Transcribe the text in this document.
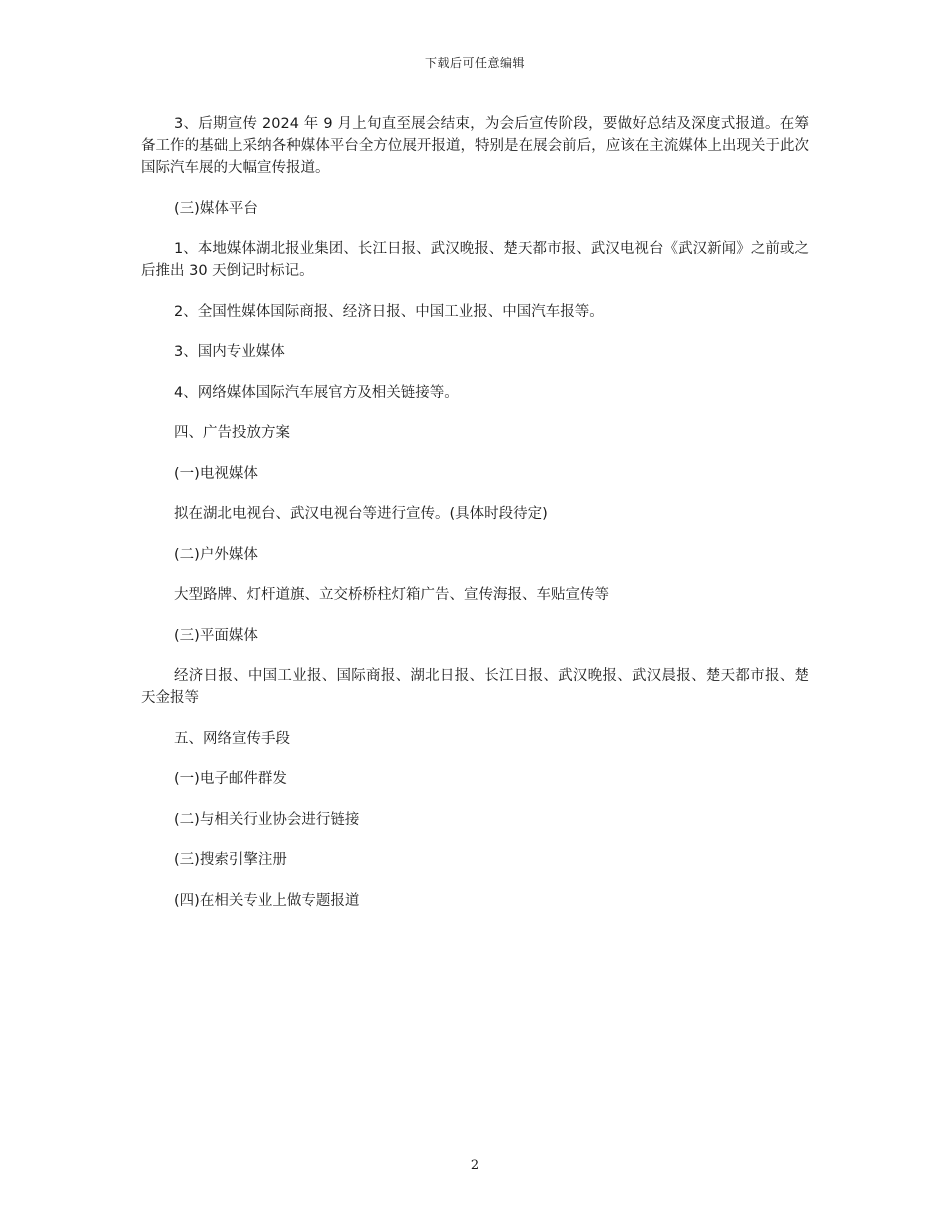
下载后可任意编辑

3、后期宣传 2024 年 9 月上旬直至展会结束，为会后宣传阶段，要做好总结及深度式报道。在筹备工作的基础上采纳各种媒体平台全方位展开报道，特别是在展会前后，应该在主流媒体上出现关于此次国际汽车展的大幅宣传报道。

(三)媒体平台

1、本地媒体湖北报业集团、长江日报、武汉晚报、楚天都市报、武汉电视台《武汉新闻》之前或之后推出 30 天倒记时标记。

2、全国性媒体国际商报、经济日报、中国工业报、中国汽车报等。

3、国内专业媒体

4、网络媒体国际汽车展官方及相关链接等。

四、广告投放方案

(一)电视媒体

拟在湖北电视台、武汉电视台等进行宣传。(具体时段待定)

(二)户外媒体

大型路牌、灯杆道旗、立交桥桥柱灯箱广告、宣传海报、车贴宣传等

(三)平面媒体

经济日报、中国工业报、国际商报、湖北日报、长江日报、武汉晚报、武汉晨报、楚天都市报、楚天金报等

五、网络宣传手段

(一)电子邮件群发

(二)与相关行业协会进行链接

(三)搜索引擎注册

(四)在相关专业上做专题报道

2
